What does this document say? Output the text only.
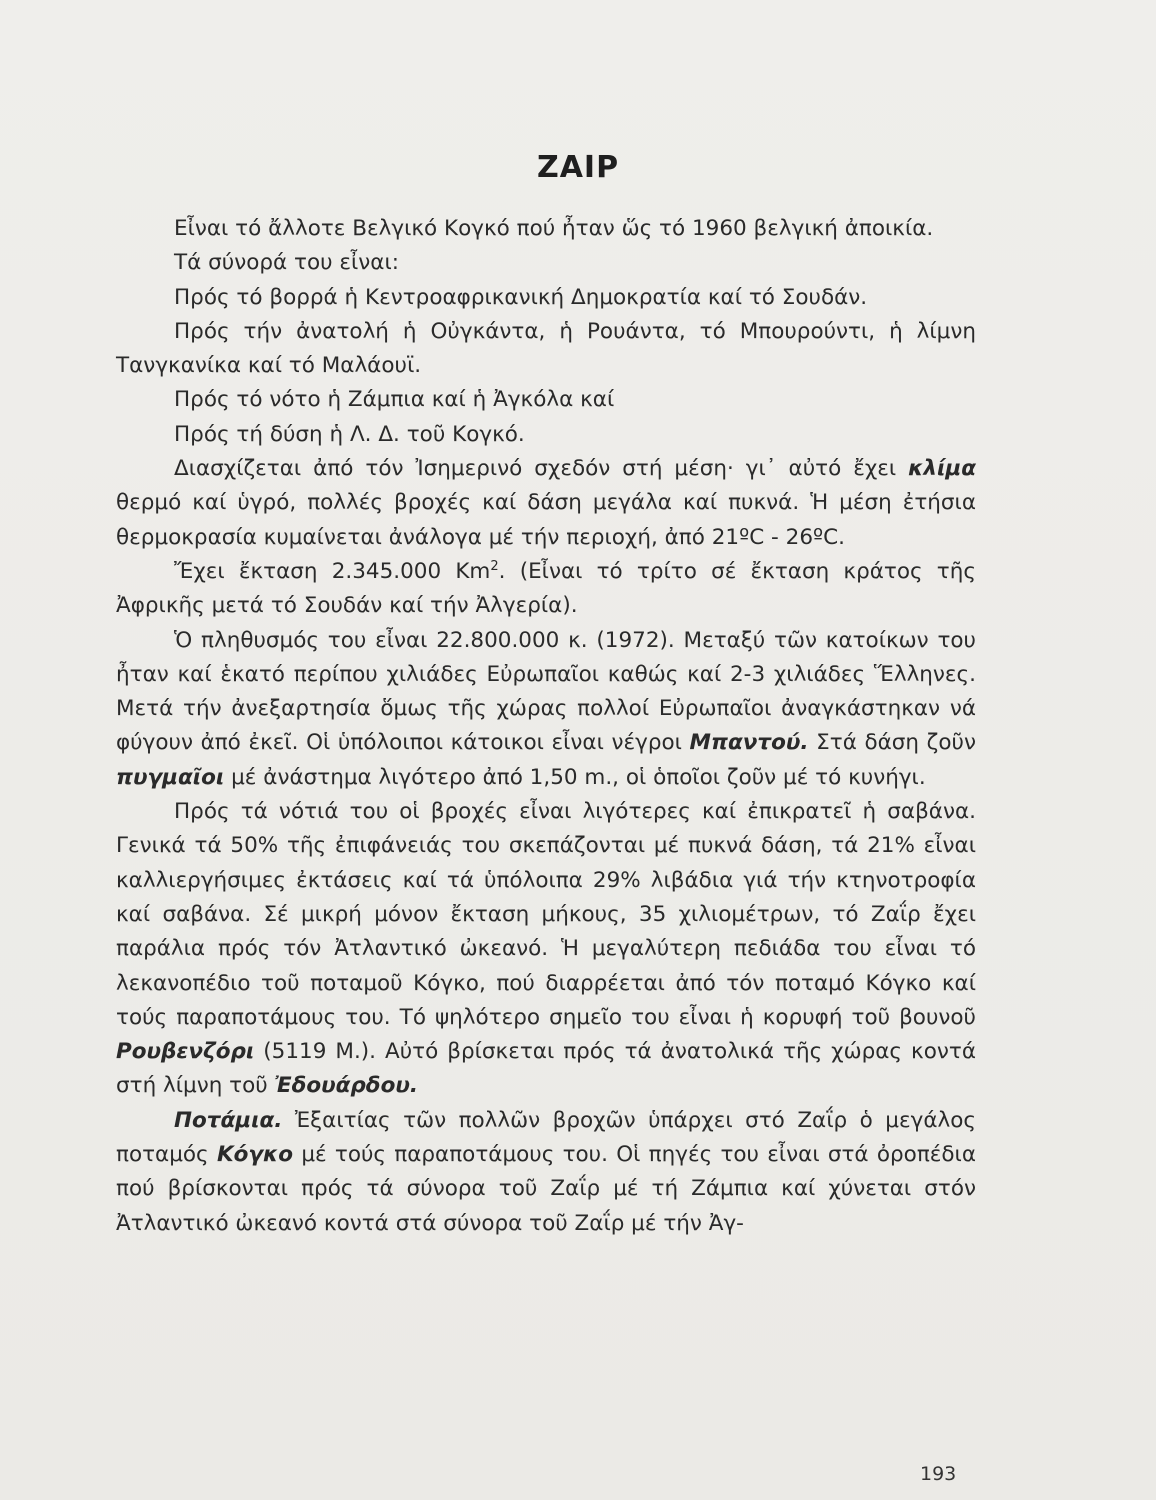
ΖΑΙΡ

Εἶναι τό ἄλλοτε Βελγικό Κογκό πού ἦταν ὥς τό 1960 βελγική ἀποικία.

Τά σύνορά του εἶναι:

Πρός τό βορρά ἡ Κεντροαφρικανική Δημοκρατία καί τό Σουδάν.

Πρός τήν ἀνατολή ἡ Οὐγκάντα, ἡ Ρουάντα, τό Μπουρούντι, ἡ λίμνη Τανγκανίκα καί τό Μαλάουϊ.

Πρός τό νότο ἡ Ζάμπια καί ἡ Ἀγκόλα καί

Πρός τή δύση ἡ Λ. Δ. τοῦ Κογκό.

Διασχίζεται ἀπό τόν Ἰσημερινό σχεδόν στή μέση· γι᾽ αὐτό ἔχει κλίμα θερμό καί ὑγρό, πολλές βροχές καί δάση μεγάλα καί πυκνά. Ἡ μέση ἐτήσια θερμοκρασία κυμαίνεται ἀνάλογα μέ τήν περιοχή, ἀπό 21ºC - 26ºC.

Ἔχει ἔκταση 2.345.000 Km$^2$. (Εἶναι τό τρίτο σέ ἔκταση κράτος τῆς Ἀφρικῆς μετά τό Σουδάν καί τήν Ἀλγερία).

Ὁ πληθυσμός του εἶναι 22.800.000 κ. (1972). Μεταξύ τῶν κατοίκων του ἦταν καί ἑκατό περίπου χιλιάδες Εὐρωπαῖοι καθώς καί 2-3 χιλιάδες Ἕλληνες. Μετά τήν ἀνεξαρτησία ὅμως τῆς χώρας πολλοί Εὐρωπαῖοι ἀναγκάστηκαν νά φύγουν ἀπό ἐκεῖ. Οἱ ὑπόλοιποι κάτοικοι εἶναι νέγροι Μπαντού. Στά δάση ζοῦν πυγμαῖοι μέ ἀνάστημα λιγότερο ἀπό 1,50 m., οἱ ὁποῖοι ζοῦν μέ τό κυνήγι.

Πρός τά νότιά του οἱ βροχές εἶναι λιγότερες καί ἐπικρατεῖ ἡ σαβάνα. Γενικά τά 50% τῆς ἐπιφάνειάς του σκεπάζονται μέ πυκνά δάση, τά 21% εἶναι καλλιεργήσιμες ἐκτάσεις καί τά ὑπόλοιπα 29% λιβάδια γιά τήν κτηνοτροφία καί σαβάνα. Σέ μικρή μόνον ἔκταση μήκους, 35 χιλιομέτρων, τό Ζαΐρ ἔχει παράλια πρός τόν Ἀτλαντικό ὠκεανό. Ἡ μεγαλύτερη πεδιάδα του εἶναι τό λεκανοπέδιο τοῦ ποταμοῦ Κόγκο, πού διαρρέεται ἀπό τόν ποταμό Κόγκο καί τούς παραποτάμους του. Τό ψηλότερο σημεῖο του εἶναι ἡ κορυφή τοῦ βουνοῦ Ρουβενζόρι (5119 Μ.). Αὐτό βρίσκεται πρός τά ἀνατολικά τῆς χώρας κοντά στή λίμνη τοῦ Ἐδουάρδου.

Ποτάμια. Ἐξαιτίας τῶν πολλῶν βροχῶν ὑπάρχει στό Ζαΐρ ὁ μεγάλος ποταμός Κόγκο μέ τούς παραποτάμους του. Οἱ πηγές του εἶναι στά ὀροπέδια πού βρίσκονται πρός τά σύνορα τοῦ Ζαΐρ μέ τή Ζάμπια καί χύνεται στόν Ἀτλαντικό ὠκεανό κοντά στά σύνορα τοῦ Ζαΐρ μέ τήν Ἀγ-

193
